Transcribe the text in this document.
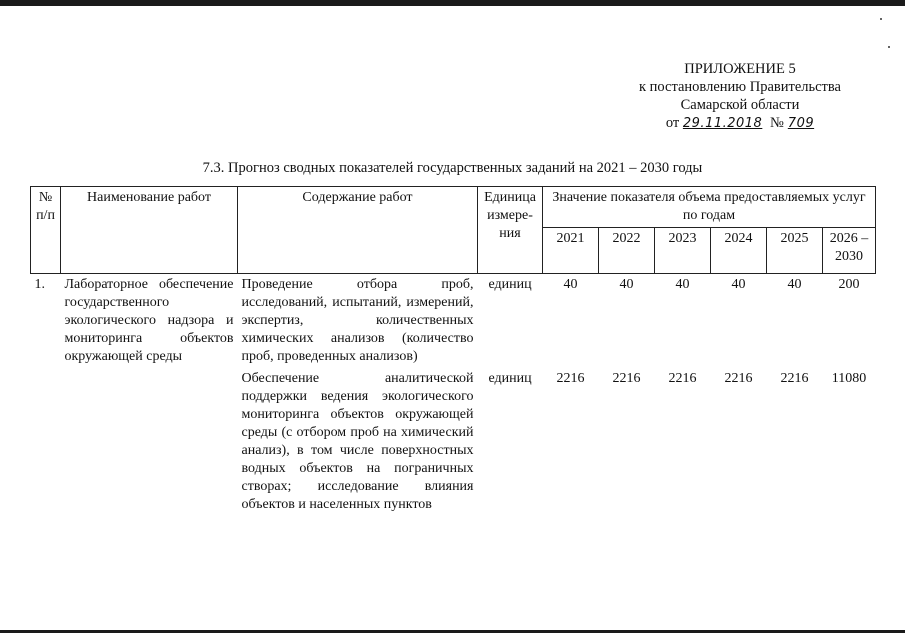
ПРИЛОЖЕНИЕ 5
к постановлению Правительства
Самарской области
от 29.11.2018 № 709
7.3. Прогноз сводных показателей государственных заданий на 2021 – 2030 годы
№ п/п	Наименование работ	Содержание работ	Единица измере-ния	Значение показателя объема предоставляемых услуг по годам					
				2021	2022	2023	2024	2025	2026 – 2030
1.	Лабораторное обеспечение государственного экологического надзора и мониторинга объектов окружающей среды	Проведение отбора проб, исследований, испытаний, измерений, экспертиз, количественных химических анализов (количество проб, проведенных анализов)	единиц	40	40	40	40	40	200
		Обеспечение аналитической поддержки ведения экологического мониторинга объектов окружающей среды (с отбором проб на химический анализ), в том числе поверхностных водных объектов на пограничных створах; исследование влияния объектов и населенных пунктов	единиц	2216	2216	2216	2216	2216	11080
